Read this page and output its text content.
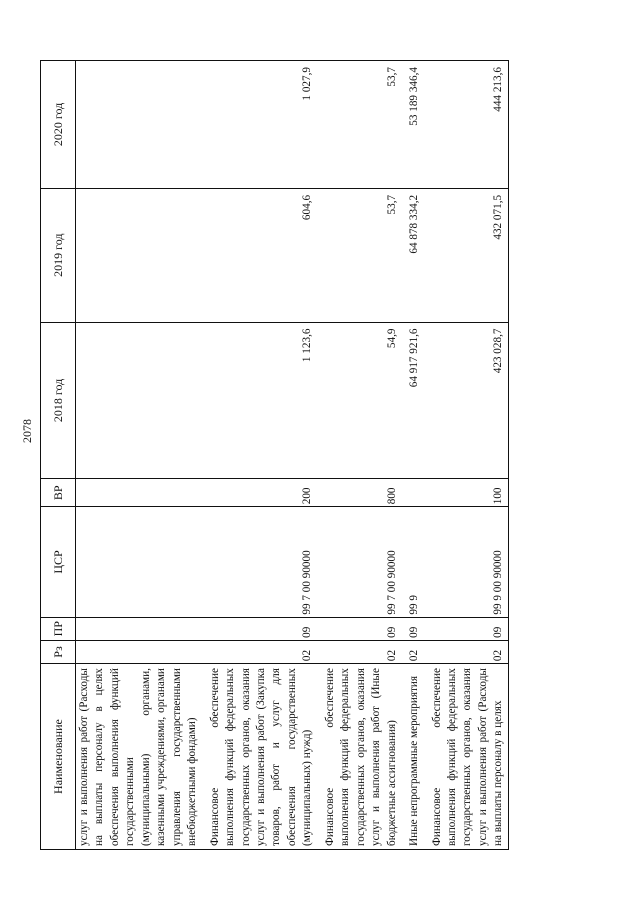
2078
Наименование	Рз	ПР	ЦСР	ВР	2018 год	2019 год	2020 год
услуг и выполнения работ (Расходы на выплаты персоналу в целях обеспечения выполнения функций государственными (муниципальными) органами, казенными учреждениями, органами управления государственными внебюджетными фондами)							
Финансовое обеспечение выполнения функций федеральных государственных органов, оказания услуг и выполнения работ (Закупка товаров, работ и услуг для обеспечения государственных (муниципальных) нужд)	02	09	99 7 00 90000	200	1 123,6	604,6	1 027,9
Финансовое обеспечение выполнения функций федеральных государственных органов, оказания услуг и выполнения работ (Иные бюджетные ассигнования)	02	09	99 7 00 90000	800	54,9	53,7	53,7
Иные непрограммные мероприятия	02	09	99 9		64 917 921,6	64 878 334,2	53 189 346,4
Финансовое обеспечение выполнения функций федеральных государственных органов, оказания услуг и выполнения работ (Расходы на выплаты персоналу в целях	02	09	99 9 00 90000	100	423 028,7	432 071,5	444 213,6
